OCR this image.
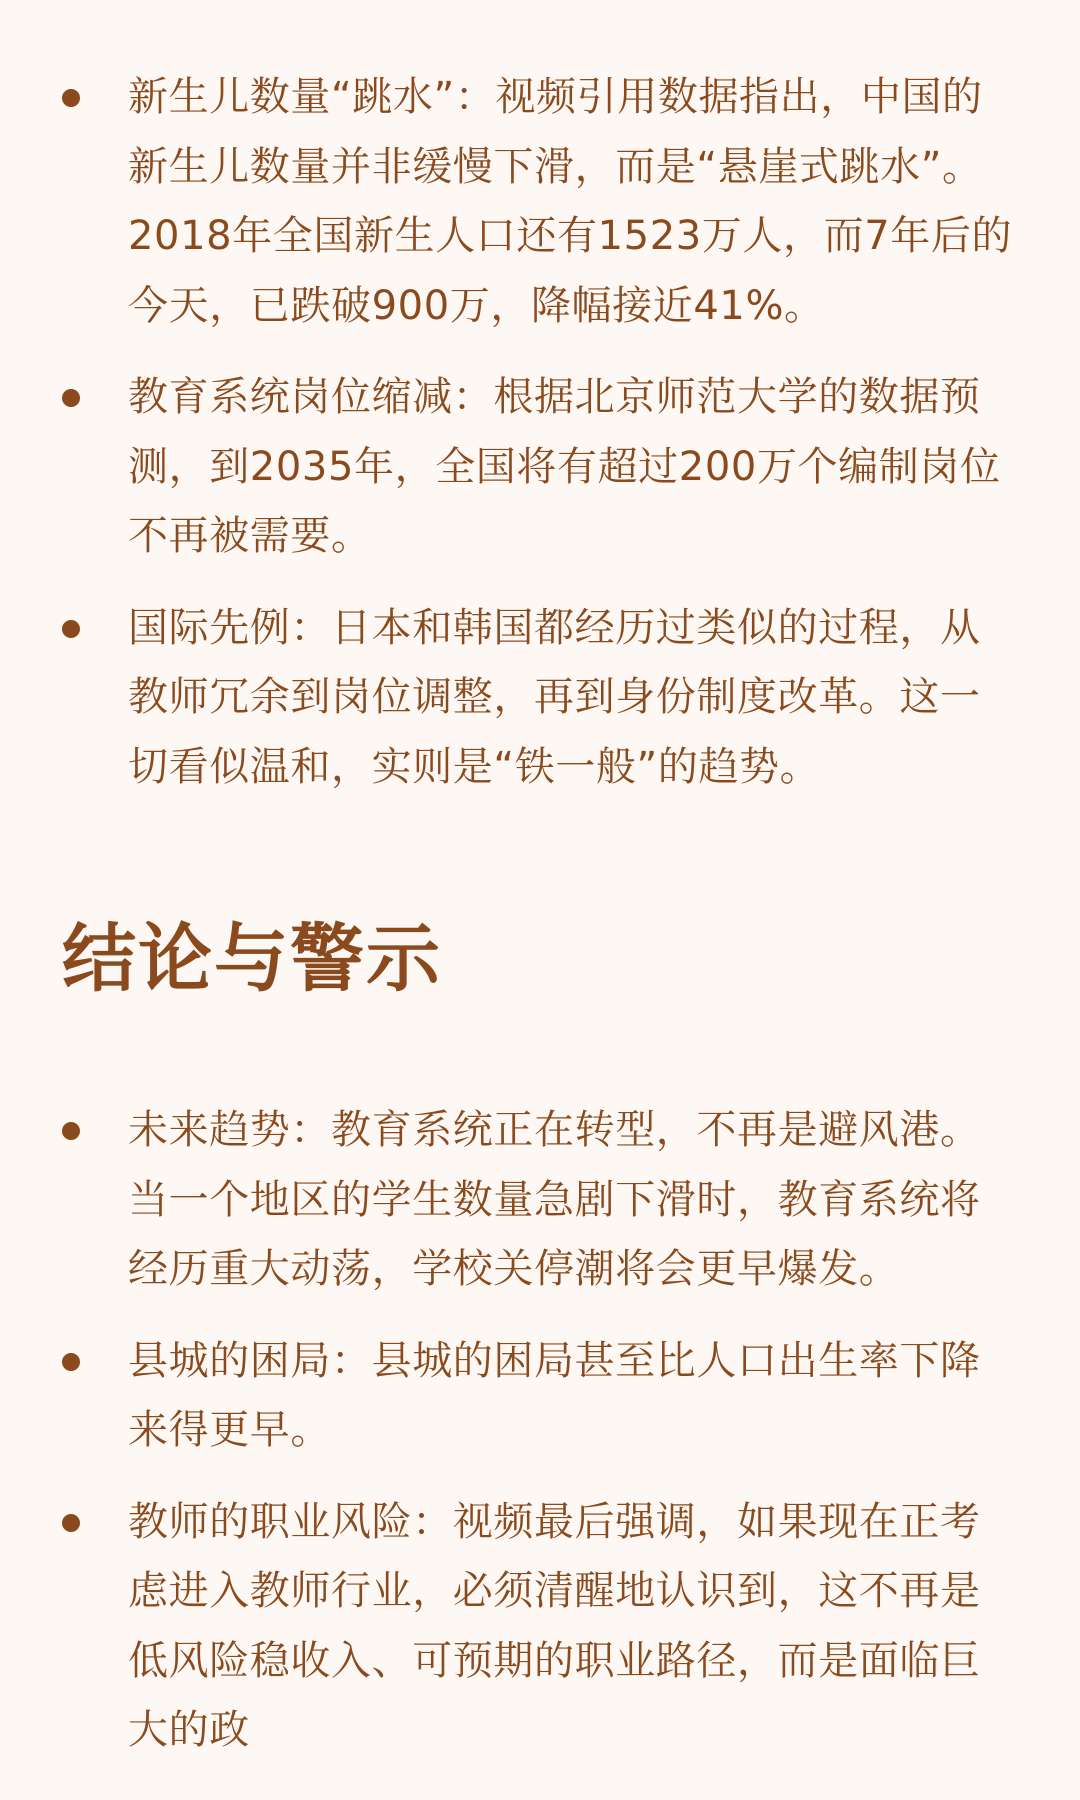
新生儿数量“跳水”：视频引用数据指出，中国的新生儿数量并非缓慢下滑，而是“悬崖式跳水”。2018年全国新生人口还有1523万人，而7年后的今天，已跌破900万，降幅接近41%。
教育系统岗位缩减：根据北京师范大学的数据预测，到2035年，全国将有超过200万个编制岗位不再被需要。
国际先例：日本和韩国都经历过类似的过程，从教师冗余到岗位调整，再到身份制度改革。这一切看似温和，实则是“铁一般”的趋势。
结论与警示
未来趋势：教育系统正在转型，不再是避风港。当一个地区的学生数量急剧下滑时，教育系统将经历重大动荡，学校关停潮将会更早爆发。
县城的困局：县城的困局甚至比人口出生率下降来得更早。
教师的职业风险：视频最后强调，如果现在正考虑进入教师行业，必须清醒地认识到，这不再是低风险稳收入、可预期的职业路径，而是面临巨大的政
